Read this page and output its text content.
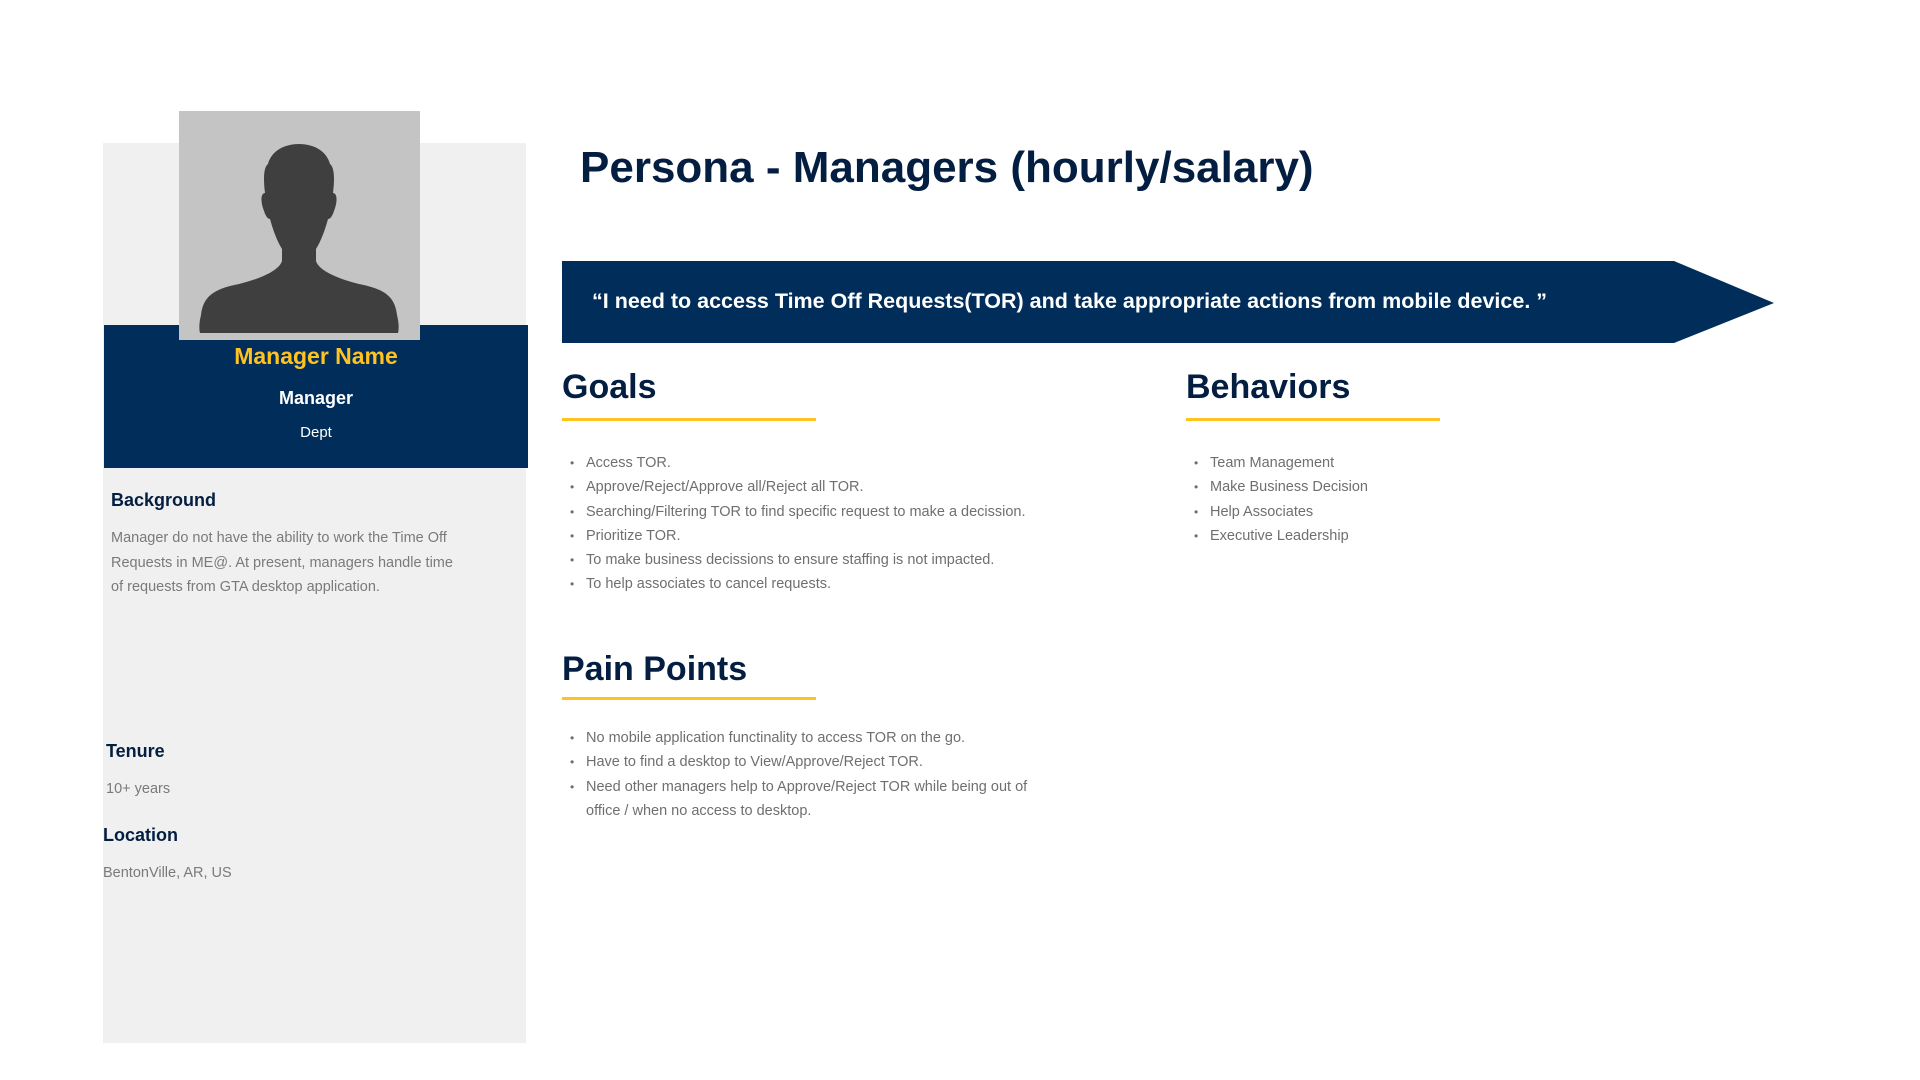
Manager Name
Manager
Dept
Background
Manager do not have the ability to work the Time Off
Requests in ME@. At present, managers handle time
of requests from GTA desktop application.
Tenure
10+ years
Location
BentonVille, AR, US
Persona - Managers (hourly/salary)
“I need to access Time Off Requests(TOR) and take appropriate actions from mobile device. ”
Goals
• Access TOR.
• Approve/Reject/Approve all/Reject all TOR.
• Searching/Filtering TOR to find specific request to make a decission.
• Prioritize TOR.
• To make business decissions to ensure staffing is not impacted.
• To help associates to cancel requests.
Behaviors
• Team Management
• Make Business Decision
• Help Associates
• Executive Leadership
Pain Points
• No mobile application functinality to access TOR on the go.
• Have to find a desktop to View/Approve/Reject TOR.
• Need other managers help to Approve/Reject TOR while being out of
office / when no access to desktop.
